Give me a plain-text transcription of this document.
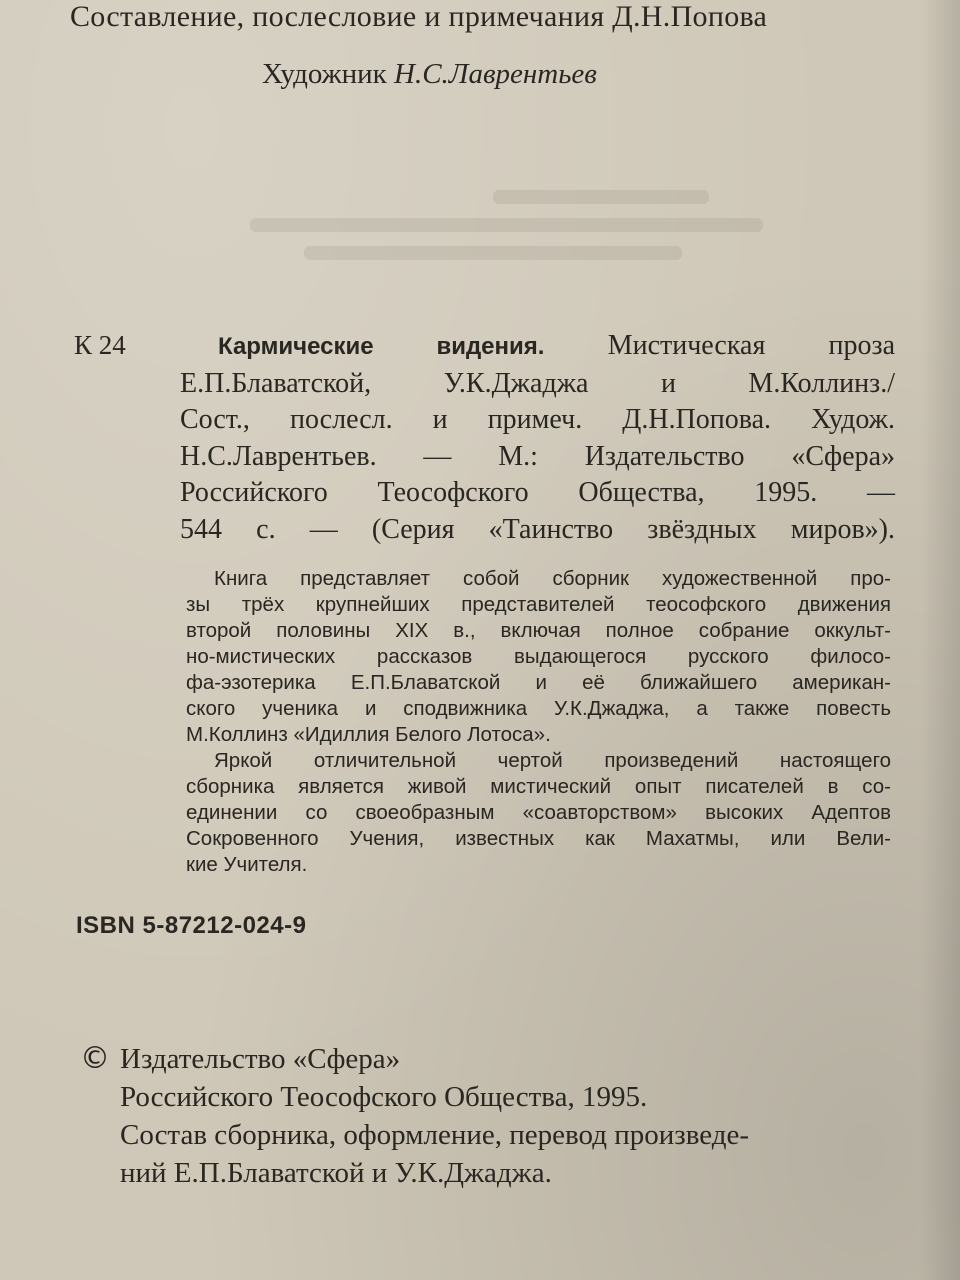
Составление, послесловие и примечания Д.Н.Попова
Художник Н.С.Лаврентьев
К 24	Кармические видения. Мистическая проза
Е.П.Блаватской, У.К.Джаджа и М.Коллинз./
Сост., послесл. и примеч. Д.Н.Попова. Худож.
Н.С.Лаврентьев. — М.: Издательство «Сфера»
Российского Теософского Общества, 1995. —
544 с. — (Серия «Таинство звёздных миров»).
Книга представляет собой сборник художественной про-
зы трёх крупнейших представителей теософского движения
второй половины XIX в., включая полное собрание оккульт-
но-мистических рассказов выдающегося русского филосо-
фа-эзотерика Е.П.Блаватской и её ближайшего американ-
ского ученика и сподвижника У.К.Джаджа, а также повесть
М.Коллинз «Идиллия Белого Лотоса».
Яркой отличительной чертой произведений настоящего
сборника является живой мистический опыт писателей в со-
единении со своеобразным «соавторством» высоких Адептов
Сокровенного Учения, известных как Махатмы, или Вели-
кие Учителя.
ISBN 5-87212-024-9
© Издательство «Сфера»
Российского Теософского Общества, 1995.
Состав сборника, оформление, перевод произведе-
ний Е.П.Блаватской и У.К.Джаджа.
